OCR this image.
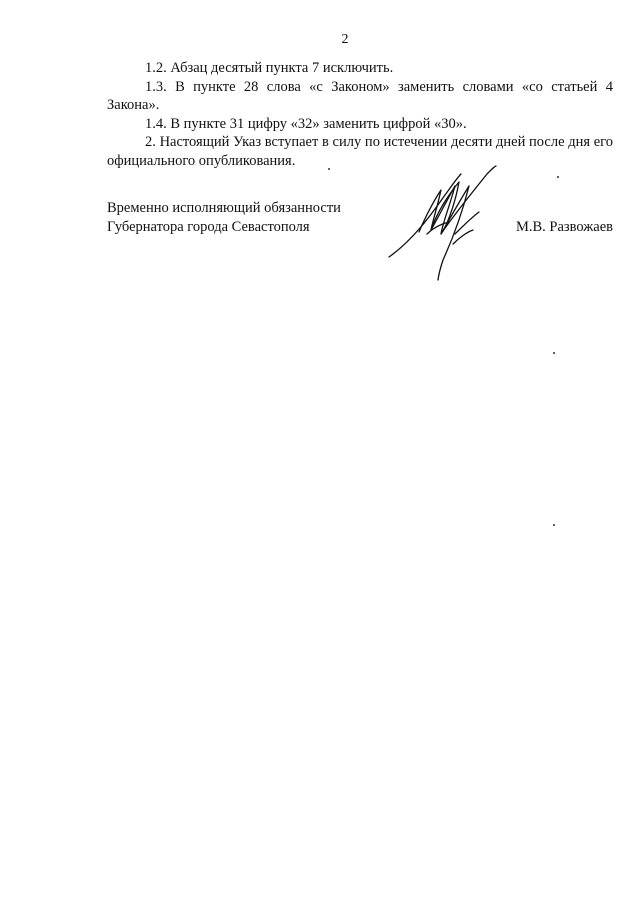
2

1.2. Абзац десятый пункта 7 исключить.

1.3. В пункте 28 слова «с Законом» заменить словами «со статьей 4 Закона».

1.4. В пункте 31 цифру «32» заменить цифрой «30».

2. Настоящий Указ вступает в силу по истечении десяти дней после дня его официального опубликования.

Временно исполняющий обязанности
Губернатора города Севастополя	М.В. Развожаев
